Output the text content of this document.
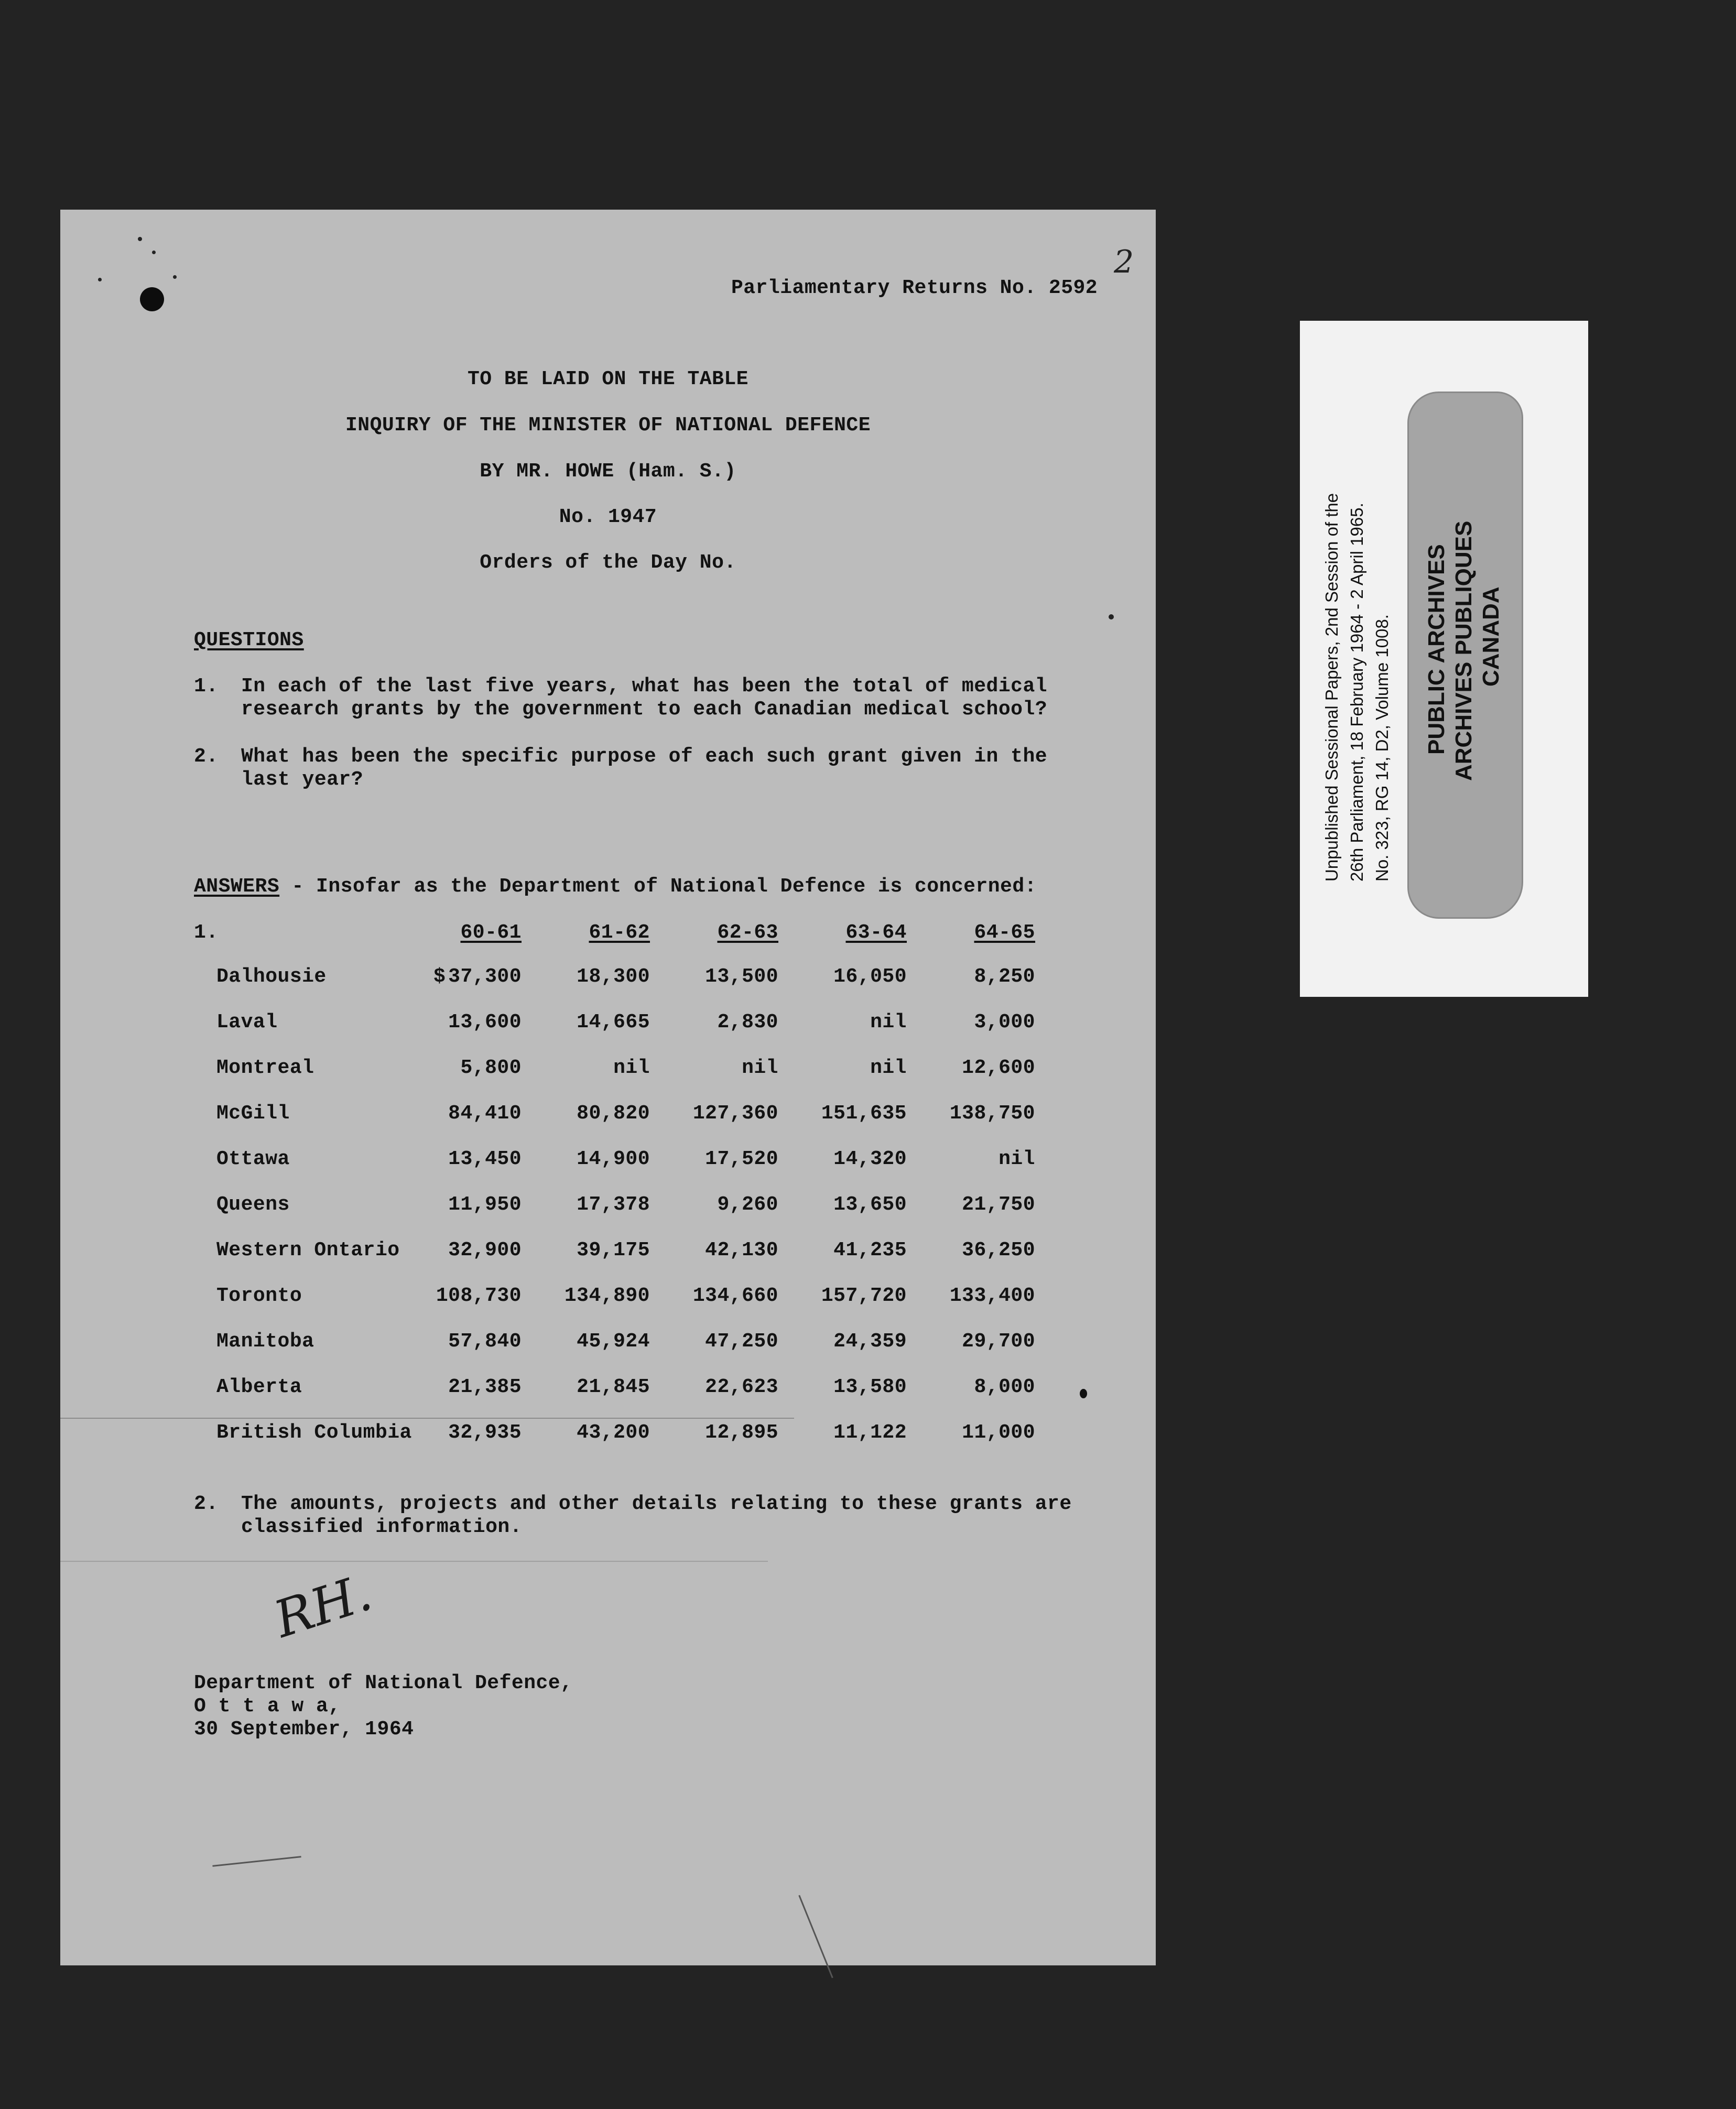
Parliamentary Returns No. 2592
2
TO BE LAID ON THE TABLE
INQUIRY OF THE MINISTER OF NATIONAL DEFENCE
BY MR. HOWE (Ham. S.)
No. 1947
Orders of the Day No.
QUESTIONS
1. In each of the last five years, what has been the total of medical
research grants by the government to each Canadian medical school?
2. What has been the specific purpose of each such grant given in the
last year?
ANSWERS - Insofar as the Department of National Defence is concerned:
1.	60-61	61-62	62-63	63-64	64-65
$
Dalhousie	37,300	18,300	13,500	16,050	8,250
Laval	13,600	14,665	2,830	nil	3,000
Montreal	5,800	nil	nil	nil	12,600
McGill	84,410	80,820	127,360	151,635	138,750
Ottawa	13,450	14,900	17,520	14,320	nil
Queens	11,950	17,378	9,260	13,650	21,750
Western Ontario	32,900	39,175	42,130	41,235	36,250
Toronto	108,730	134,890	134,660	157,720	133,400
Manitoba	57,840	45,924	47,250	24,359	29,700
Alberta	21,385	21,845	22,623	13,580	8,000
British Columbia	32,935	43,200	12,895	11,122	11,000
2. The amounts, projects and other details relating to these grants are
classified information.
RH.
Department of National Defence,
O t t a w a,
30 September, 1964
Unpublished Sessional Papers, 2nd Session of the 26th Parliament, 18 February 1964 - 2 April 1965. No. 323, RG 14, D2, Volume 1008. PUBLIC ARCHIVES ARCHIVES PUBLIQUES CANADA
